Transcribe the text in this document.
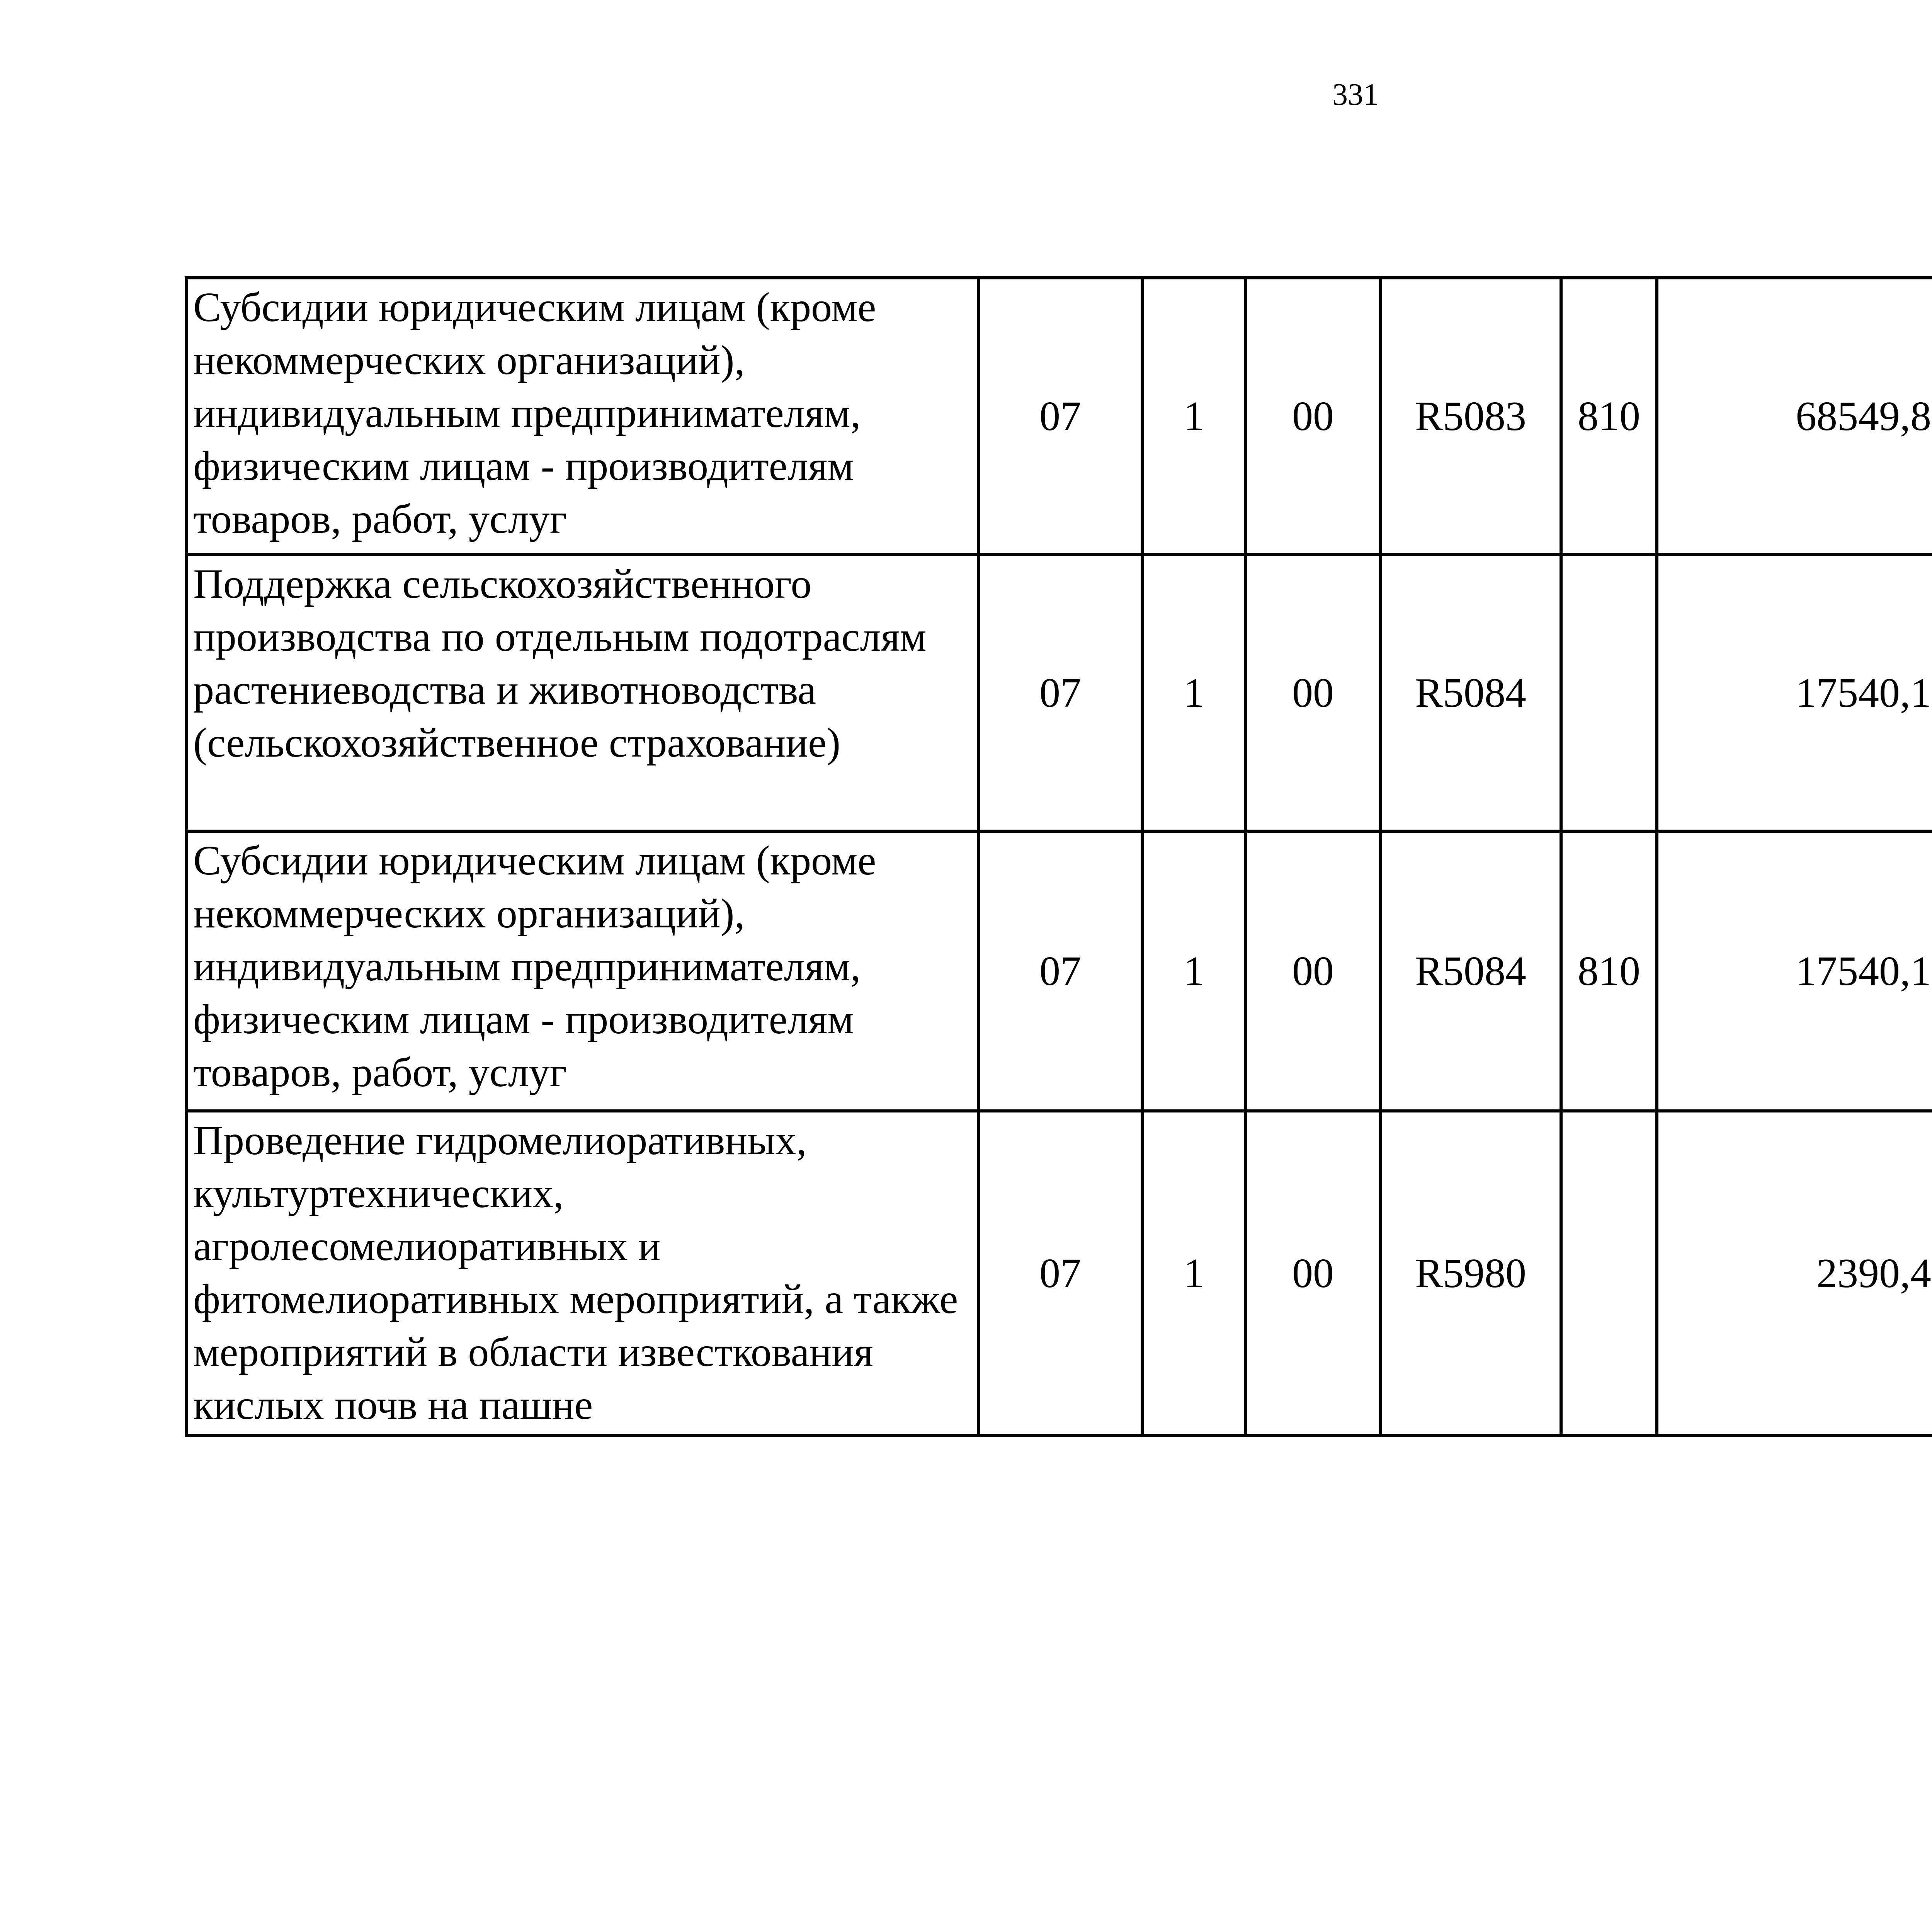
331
Субсидии юридическим лицам (кроме некоммерческих организаций), индивидуальным предпринимателям, физическим лицам - производителям товаров, работ, услуг	07	1	00	R5083	810	68549,8		
Поддержка сельскохозяйственного производства по отдельным подотраслям растениеводства и животноводства (сельскохозяйственное страхование)	07	1	00	R5084		17540,1		
Субсидии юридическим лицам (кроме некоммерческих организаций), индивидуальным предпринимателям, физическим лицам - производителям товаров, работ, услуг	07	1	00	R5084	810	17540,1		
Проведение гидромелиоративных, культуртехнических, агролесомелиоративных и фитомелиоративных мероприятий, а также мероприятий в области известкования кислых почв на пашне	07	1	00	R5980		2390,4		
